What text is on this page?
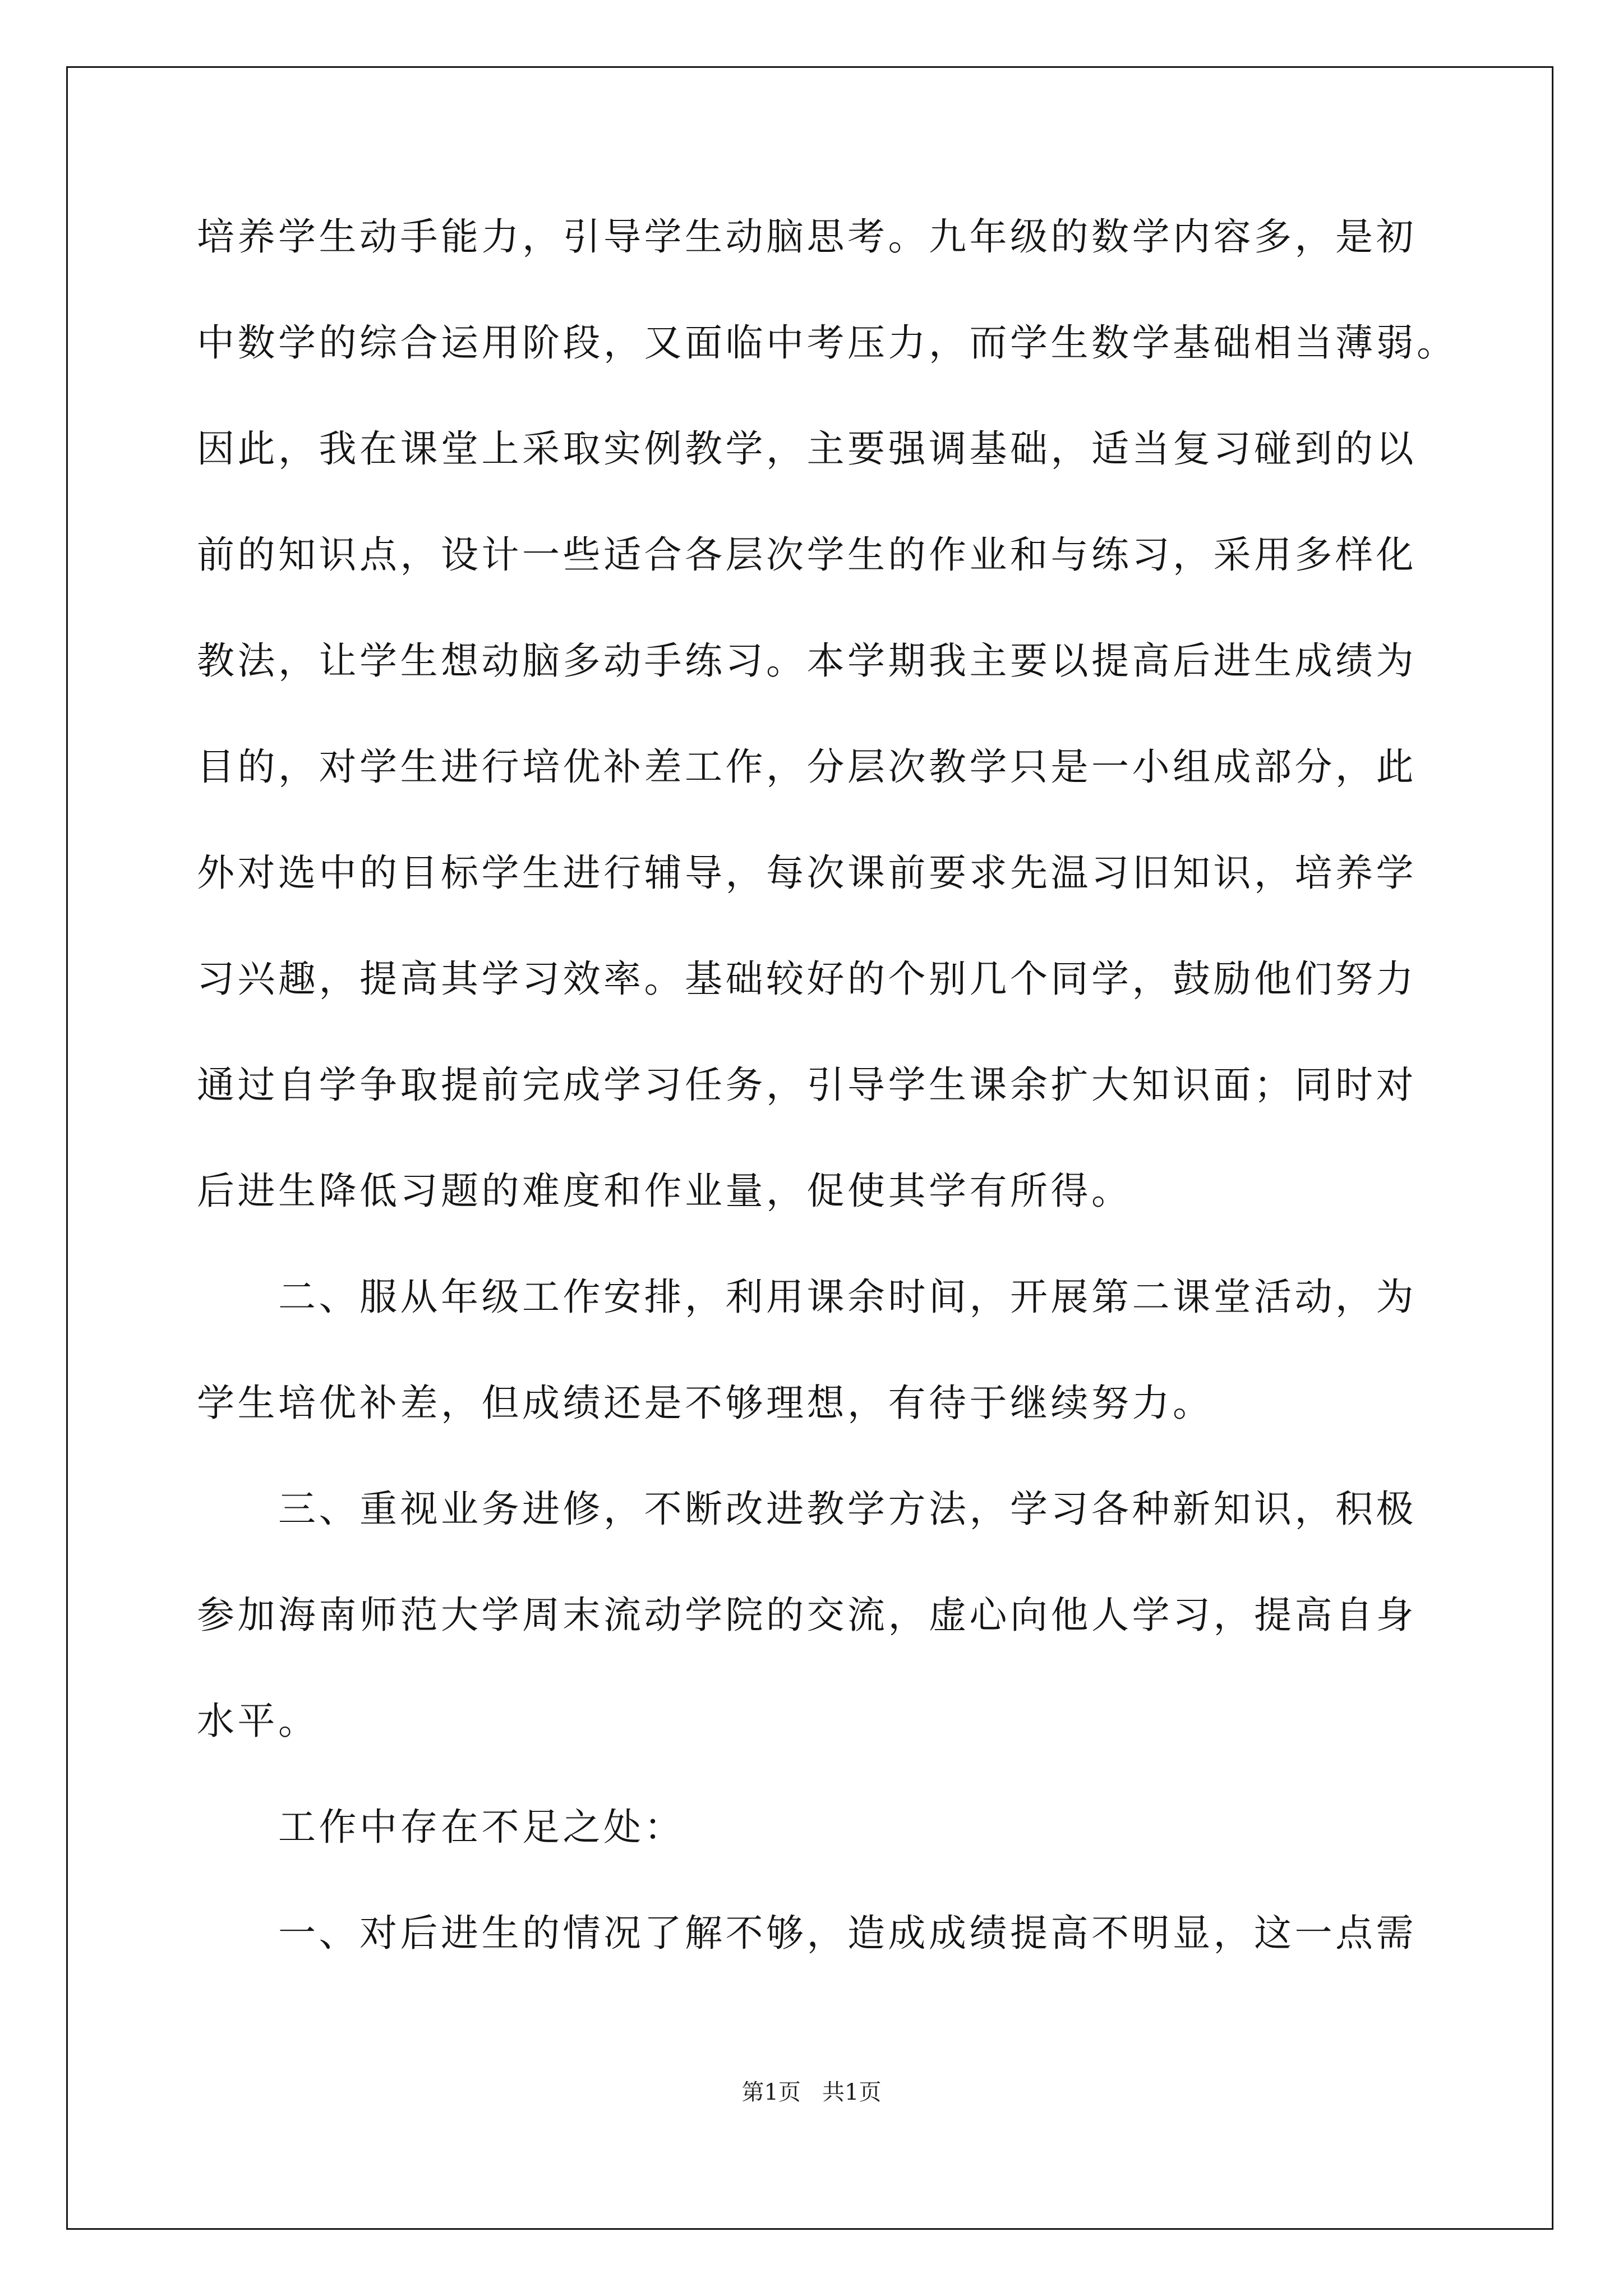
培养学生动手能力，引导学生动脑思考。九年级的数学内容多，是初
中数学的综合运用阶段，又面临中考压力，而学生数学基础相当薄弱。
因此，我在课堂上采取实例教学，主要强调基础，适当复习碰到的以
前的知识点，设计一些适合各层次学生的作业和与练习，采用多样化
教法，让学生想动脑多动手练习。本学期我主要以提高后进生成绩为
目的，对学生进行培优补差工作，分层次教学只是一小组成部分，此
外对选中的目标学生进行辅导，每次课前要求先温习旧知识，培养学
习兴趣，提高其学习效率。基础较好的个别几个同学，鼓励他们努力
通过自学争取提前完成学习任务，引导学生课余扩大知识面；同时对
后进生降低习题的难度和作业量，促使其学有所得。
　　二、服从年级工作安排，利用课余时间，开展第二课堂活动，为
学生培优补差，但成绩还是不够理想，有待于继续努力。
　　三、重视业务进修，不断改进教学方法，学习各种新知识，积极
参加海南师范大学周末流动学院的交流，虚心向他人学习，提高自身
水平。
　　工作中存在不足之处：
　　一、对后进生的情况了解不够，造成成绩提高不明显，这一点需
第1页   共1页
